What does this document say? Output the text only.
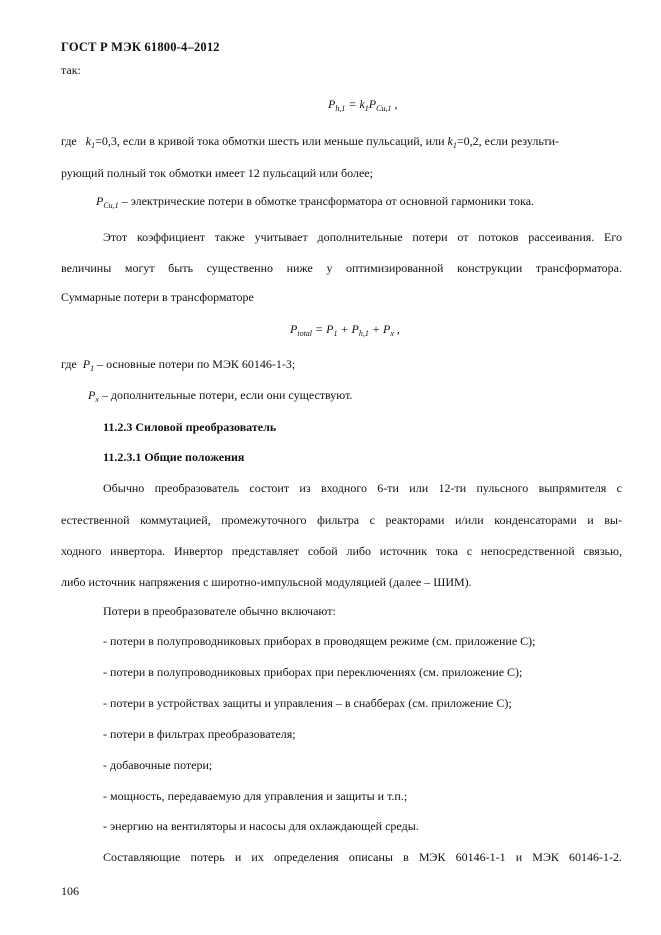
ГОСТ Р МЭК 61800-4–2012
так:
$P_{h,1} = k_1P_{Cu,1}$ ,
где   $k_1=0,3$, если в кривой тока обмотки шесть или меньше пульсаций, или $k_1=0,2$, если результи-
рующий полный ток обмотки имеет 12 пульсаций или более;
$P_{Cu,1}$ – электрические потери в обмотке трансформатора от основной гармоники тока.
Этот коэффициент также учитывает дополнительные потери от потоков рассеивания. Его
величины могут быть существенно ниже у оптимизированной конструкции трансформатора.
Суммарные потери в трансформаторе
$P_{total} = P_1 + P_{h,1} + P_x$ ,
где  $P_1$ – основные потери по МЭК 60146-1-3;
$P_x$ – дополнительные потери, если они существуют.
11.2.3 Силовой преобразователь
11.2.3.1 Общие положения
Обычно преобразователь состоит из входного 6-ти или 12-ти пульсного выпрямителя с
естественной коммутацией, промежуточного фильтра с реакторами и/или конденсаторами и вы-
ходного инвертора. Инвертор представляет собой либо источник тока с непосредственной связью,
либо источник напряжения с широтно-импульсной модуляцией (далее – ШИМ).
Потери в преобразователе обычно включают:
- потери в полупроводниковых приборах в проводящем режиме (см. приложение С);
- потери в полупроводниковых приборах при переключениях (см. приложение С);
- потери в устройствах защиты и управления – в снабберах (см. приложение С);
- потери в фильтрах преобразователя;
- добавочные потери;
- мощность, передаваемую для управления и защиты и т.п.;
- энергию на вентиляторы и насосы для охлаждающей среды.
Составляющие потерь и их определения описаны в МЭК 60146-1-1 и МЭК 60146-1-2.
106
